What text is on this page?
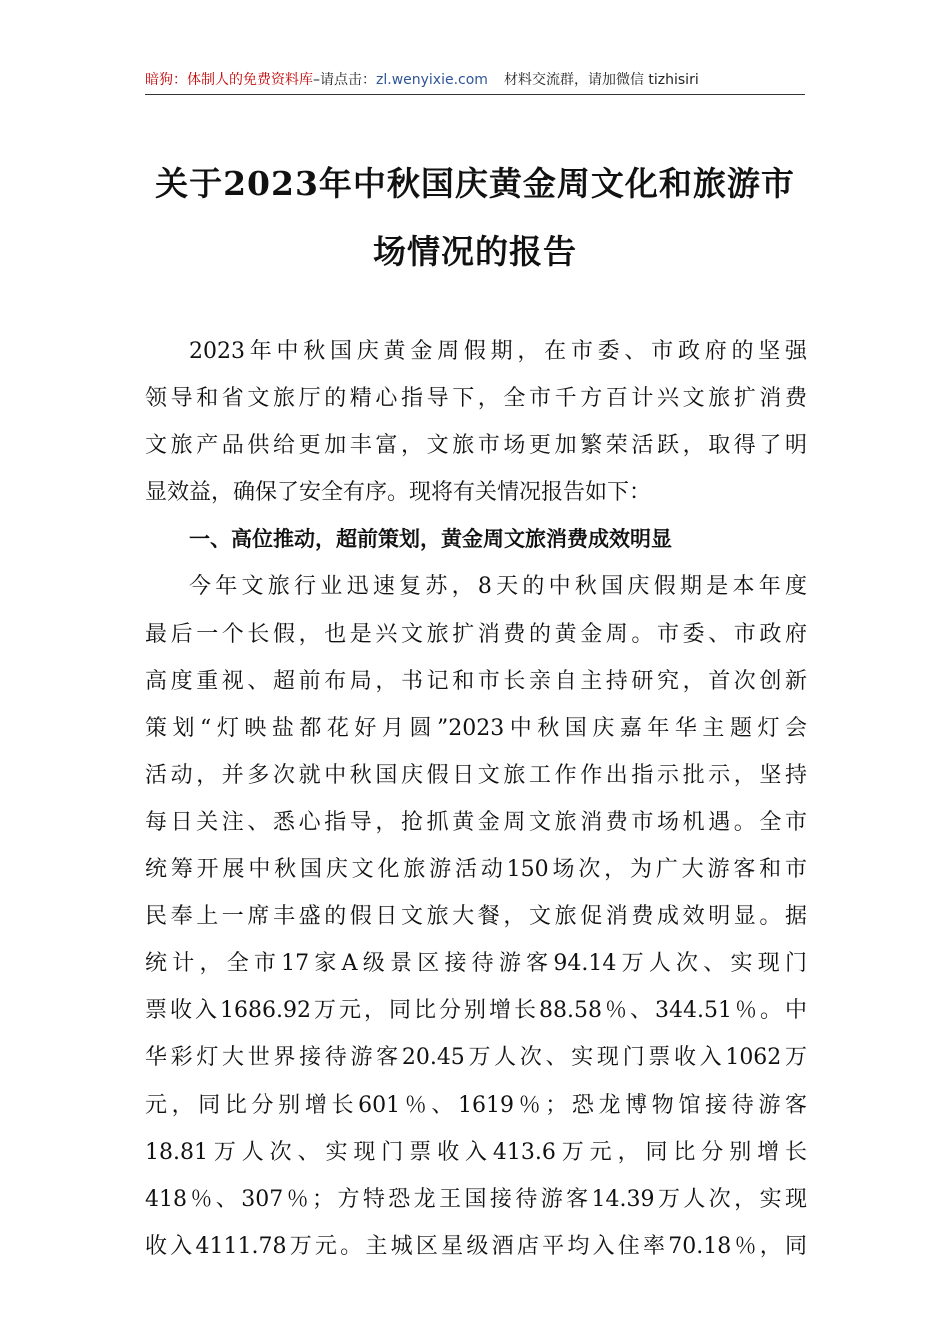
暗狗：体制人的免费资料库–请点击：zl.wenyixie.com 材料交流群，请加微信 tizhisiri
关于2023年中秋国庆黄金周文化和旅游市
场情况的报告
2023年中秋国庆黄金周假期，在市委、市政府的坚强
领导和省文旅厅的精心指导下，全市千方百计兴文旅扩消费
文旅产品供给更加丰富，文旅市场更加繁荣活跃，取得了明
显效益，确保了安全有序。现将有关情况报告如下：
一、高位推动，超前策划，黄金周文旅消费成效明显
今年文旅行业迅速复苏，8天的中秋国庆假期是本年度
最后一个长假，也是兴文旅扩消费的黄金周。市委、市政府
高度重视、超前布局，书记和市长亲自主持研究，首次创新
策划“灯映盐都花好月圆”2023中秋国庆嘉年华主题灯会
活动，并多次就中秋国庆假日文旅工作作出指示批示，坚持
每日关注、悉心指导，抢抓黄金周文旅消费市场机遇。全市
统筹开展中秋国庆文化旅游活动150场次，为广大游客和市
民奉上一席丰盛的假日文旅大餐，文旅促消费成效明显。据
统计，全市17家A级景区接待游客94.14万人次、实现门
票收入1686.92万元，同比分别增长88.58％、344.51％。中
华彩灯大世界接待游客20.45万人次、实现门票收入1062万
元，同比分别增长601％、1619％；恐龙博物馆接待游客
18.81万人次、实现门票收入413.6万元，同比分别增长
418％、307％；方特恐龙王国接待游客14.39万人次，实现
收入4111.78万元。主城区星级酒店平均入住率70.18％，同
